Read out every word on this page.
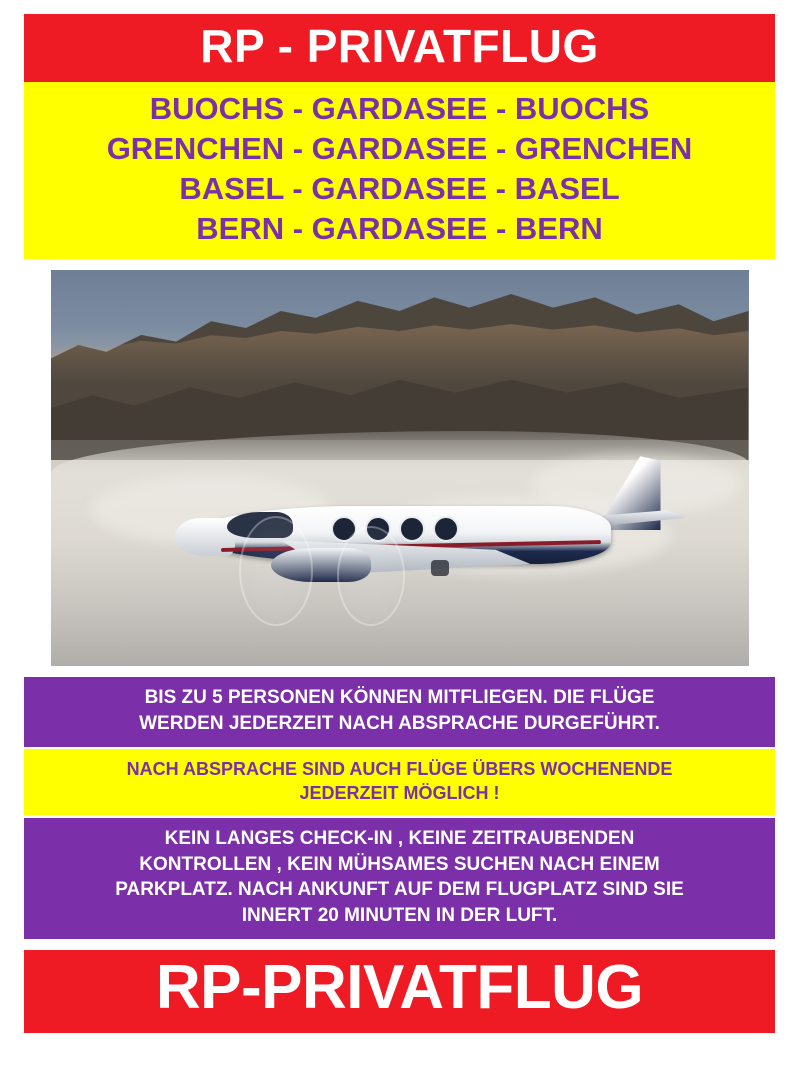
RP - PRIVATFLUG
BUOCHS - GARDASEE - BUOCHS
GRENCHEN - GARDASEE - GRENCHEN
BASEL - GARDASEE - BASEL
BERN - GARDASEE - BERN
BIS ZU 5 PERSONEN KÖNNEN MITFLIEGEN. DIE FLÜGE
WERDEN JEDERZEIT NACH ABSPRACHE DURGEFÜHRT.
NACH ABSPRACHE SIND AUCH FLÜGE ÜBERS WOCHENENDE
JEDERZEIT MÖGLICH !
KEIN LANGES CHECK-IN , KEINE ZEITRAUBENDEN
KONTROLLEN , KEIN MÜHSAMES SUCHEN NACH EINEM
PARKPLATZ. NACH ANKUNFT AUF DEM FLUGPLATZ SIND SIE
INNERT 20 MINUTEN IN DER LUFT.
RP-PRIVATFLUG
